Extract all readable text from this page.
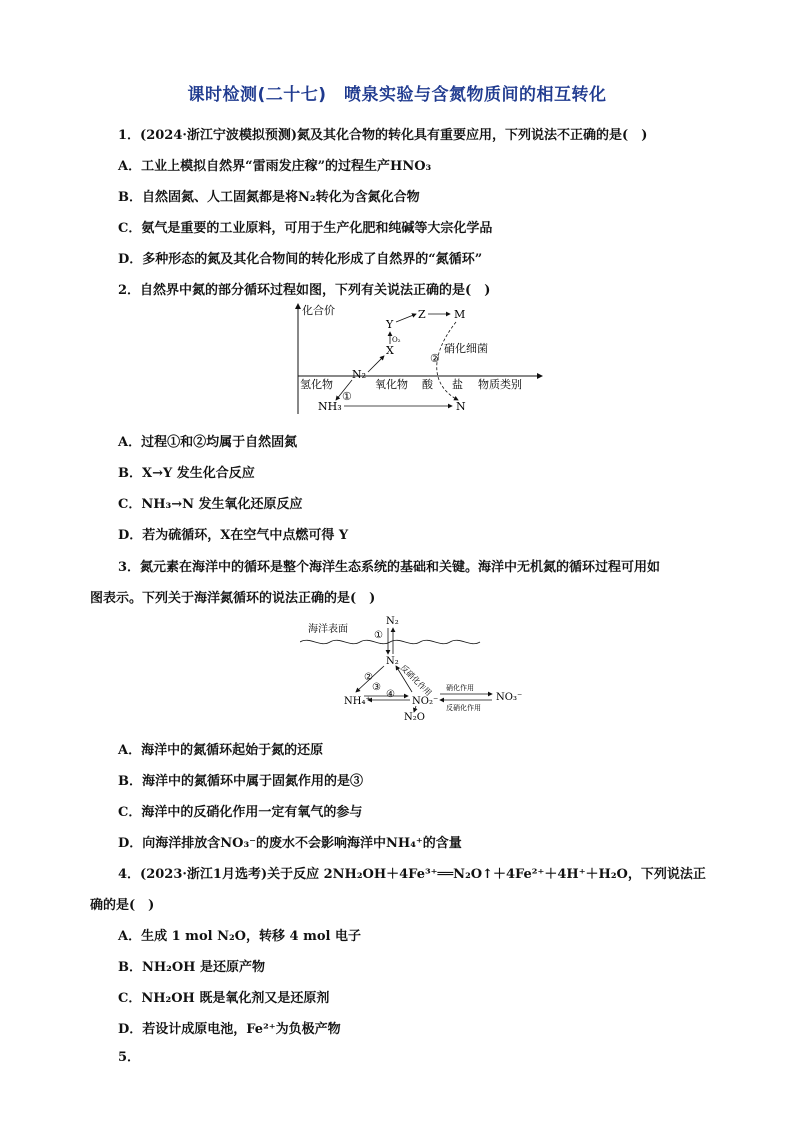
课时检测(二十七)　喷泉实验与含氮物质间的相互转化
1．(2024·浙江宁波模拟预测)氮及其化合物的转化具有重要应用，下列说法不正确的是(　)
A．工业上模拟自然界“雷雨发庄稼”的过程生产HNO₃
B．自然固氮、人工固氮都是将N₂转化为含氮化合物
C．氨气是重要的工业原料，可用于生产化肥和纯碱等大宗化学品
D．多种形态的氮及其化合物间的转化形成了自然界的“氮循环”
2．自然界中氮的部分循环过程如图，下列有关说法正确的是(　)
化合价
氢化物	氧化物 酸 盐 物质类别
N₂
NH₃
X
Y
Z	M
N
O₂
①
②
硝化细菌
A．过程①和②均属于自然固氮
B．X→Y 发生化合反应
C．NH₃→N 发生氧化还原反应
D．若为硫循环，X在空气中点燃可得 Y
3．氮元素在海洋中的循环是整个海洋生态系统的基础和关键。海洋中无机氮的循环过程可用如
图表示。下列关于海洋氮循环的说法正确的是(　)
海洋表面
N₂
N₂
①
NH₄⁺	NO₂⁻	NO₃⁻
N₂O
②
③
④ 反硝化作用 硝化作用
反硝化作用
A．海洋中的氮循环起始于氮的还原
B．海洋中的氮循环中属于固氮作用的是③
C．海洋中的反硝化作用一定有氧气的参与
D．向海洋排放含NO₃⁻的废水不会影响海洋中NH₄⁺的含量
4．(2023·浙江1月选考)关于反应 2NH₂OH＋4Fe³⁺══N₂O↑＋4Fe²⁺＋4H⁺＋H₂O，下列说法正
确的是(　)
A．生成 1 mol N₂O，转移 4 mol 电子
B．NH₂OH 是还原产物
C．NH₂OH 既是氧化剂又是还原剂
D．若设计成原电池，Fe²⁺为负极产物
5．
